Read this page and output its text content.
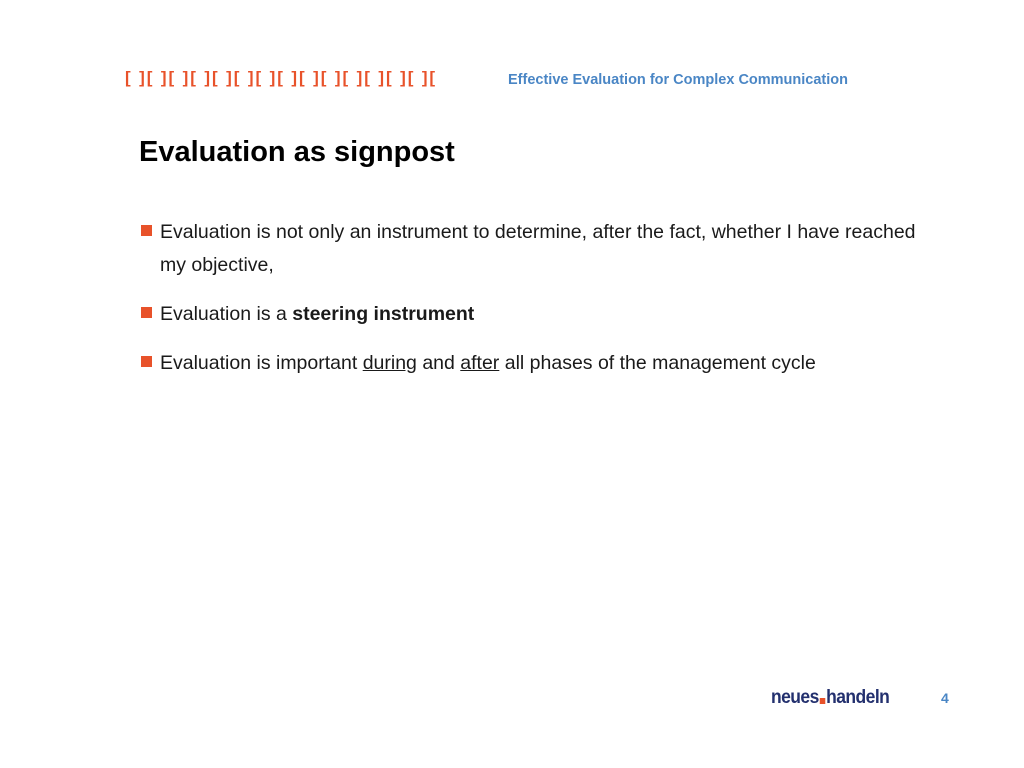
[ ][ ][ ][ ][ ][ ][ ][ ][ ][ ][ ][ ][ ][ ][	Effective Evaluation for Complex Communication
Evaluation as signpost
Evaluation is not only an instrument to determine, after the fact, whether I have reached my objective,
Evaluation is a steering instrument
Evaluation is important during and after all phases of the management cycle
neues handeln	4
